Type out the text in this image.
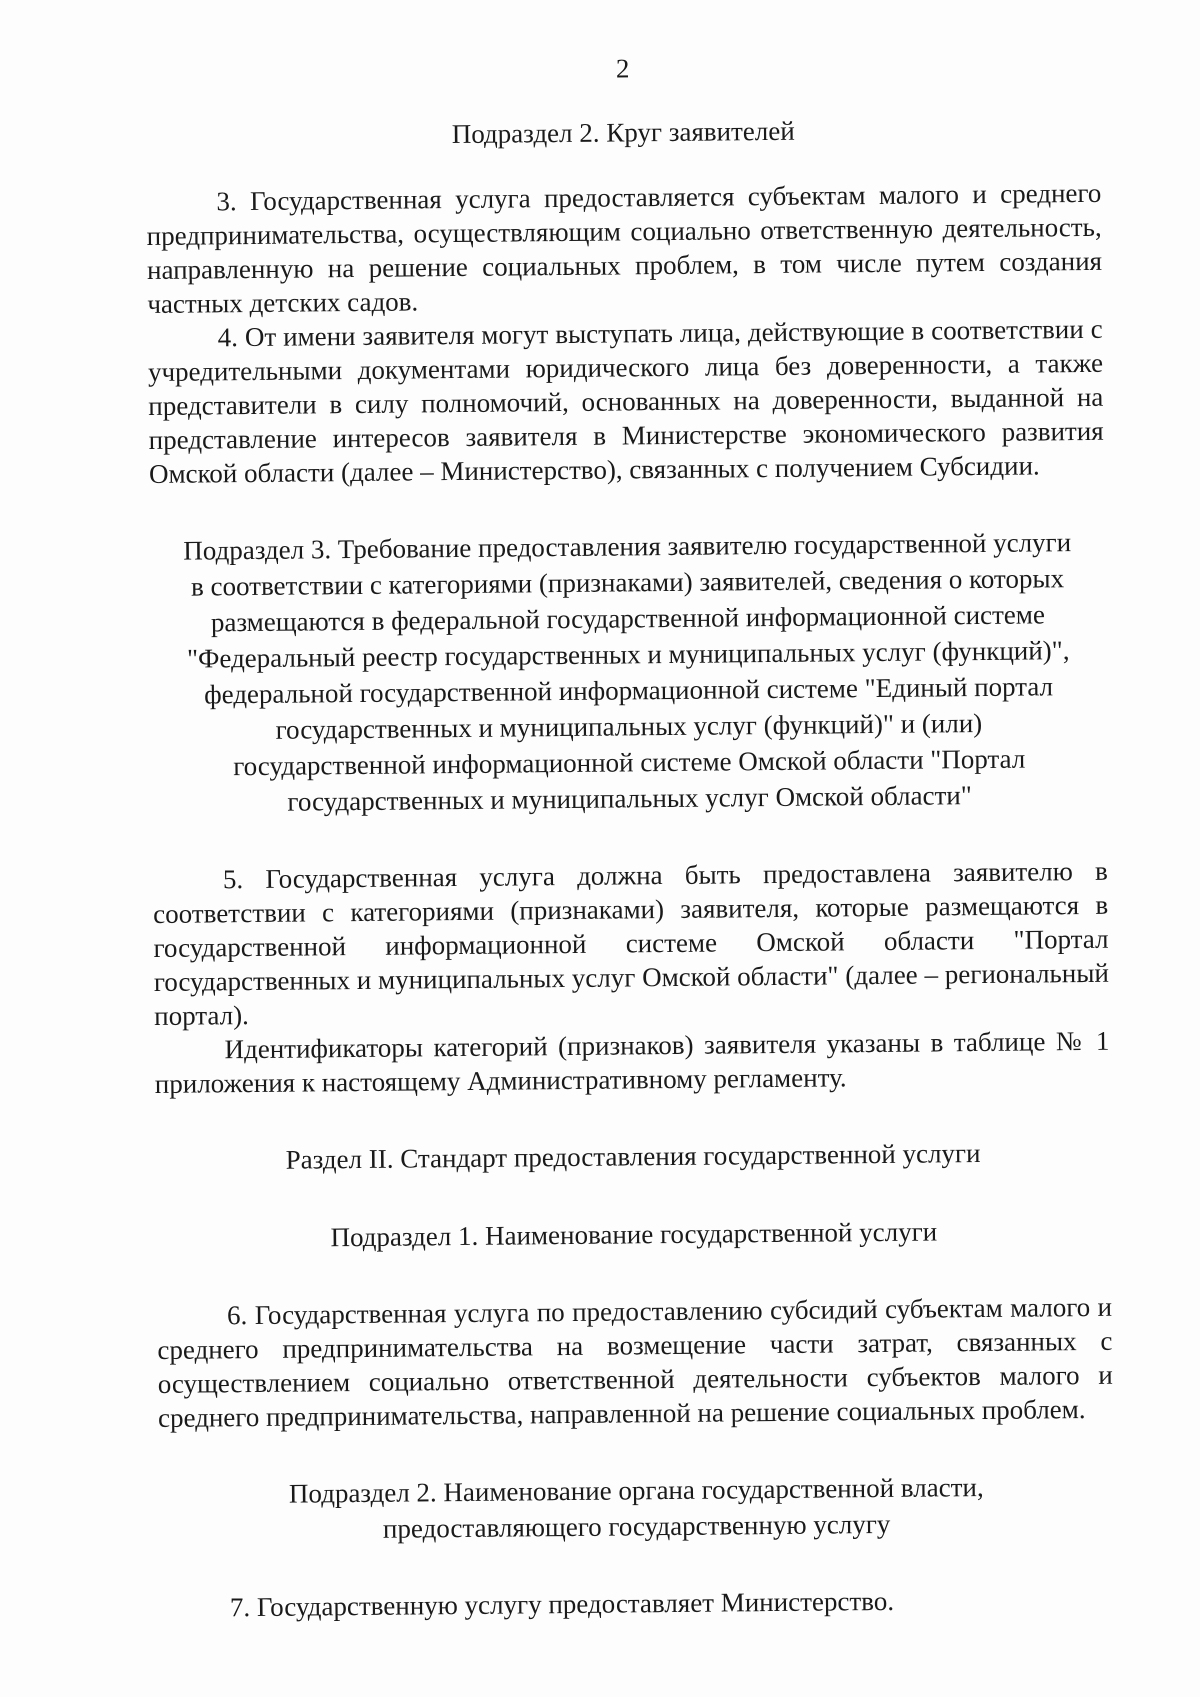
2

Подраздел 2. Круг заявителей

3. Государственная услуга предоставляется субъектам малого и среднего предпринимательства, осуществляющим социально ответственную деятельность, направленную на решение социальных проблем, в том числе путем создания частных детских садов.

4. От имени заявителя могут выступать лица, действующие в соответствии с учредительными документами юридического лица без доверенности, а также представители в силу полномочий, основанных на доверенности, выданной на представление интересов заявителя в Министерстве экономического развития Омской области (далее – Министерство), связанных с получением Субсидии.

Подраздел 3. Требование предоставления заявителю государственной услуги

в соответствии с категориями (признаками) заявителей, сведения о которых

размещаются в федеральной государственной информационной системе

"Федеральный реестр государственных и муниципальных услуг (функций)",

федеральной государственной информационной системе "Единый портал

государственных и муниципальных услуг (функций)" и (или)

государственной информационной системе Омской области "Портал

государственных и муниципальных услуг Омской области"

5. Государственная услуга должна быть предоставлена заявителю в соответствии с категориями (признаками) заявителя, которые размещаются в государственной информационной системе Омской области "Портал государственных и муниципальных услуг Омской области" (далее – региональный портал).

Идентификаторы категорий (признаков) заявителя указаны в таблице № 1 приложения к настоящему Административному регламенту.

Раздел II. Стандарт предоставления государственной услуги

Подраздел 1. Наименование государственной услуги

6. Государственная услуга по предоставлению субсидий субъектам малого и среднего предпринимательства на возмещение части затрат, связанных с осуществлением социально ответственной деятельности субъектов малого и среднего предпринимательства, направленной на решение социальных проблем.

Подраздел 2. Наименование органа государственной власти,

предоставляющего государственную услугу

7. Государственную услугу предоставляет Министерство.
